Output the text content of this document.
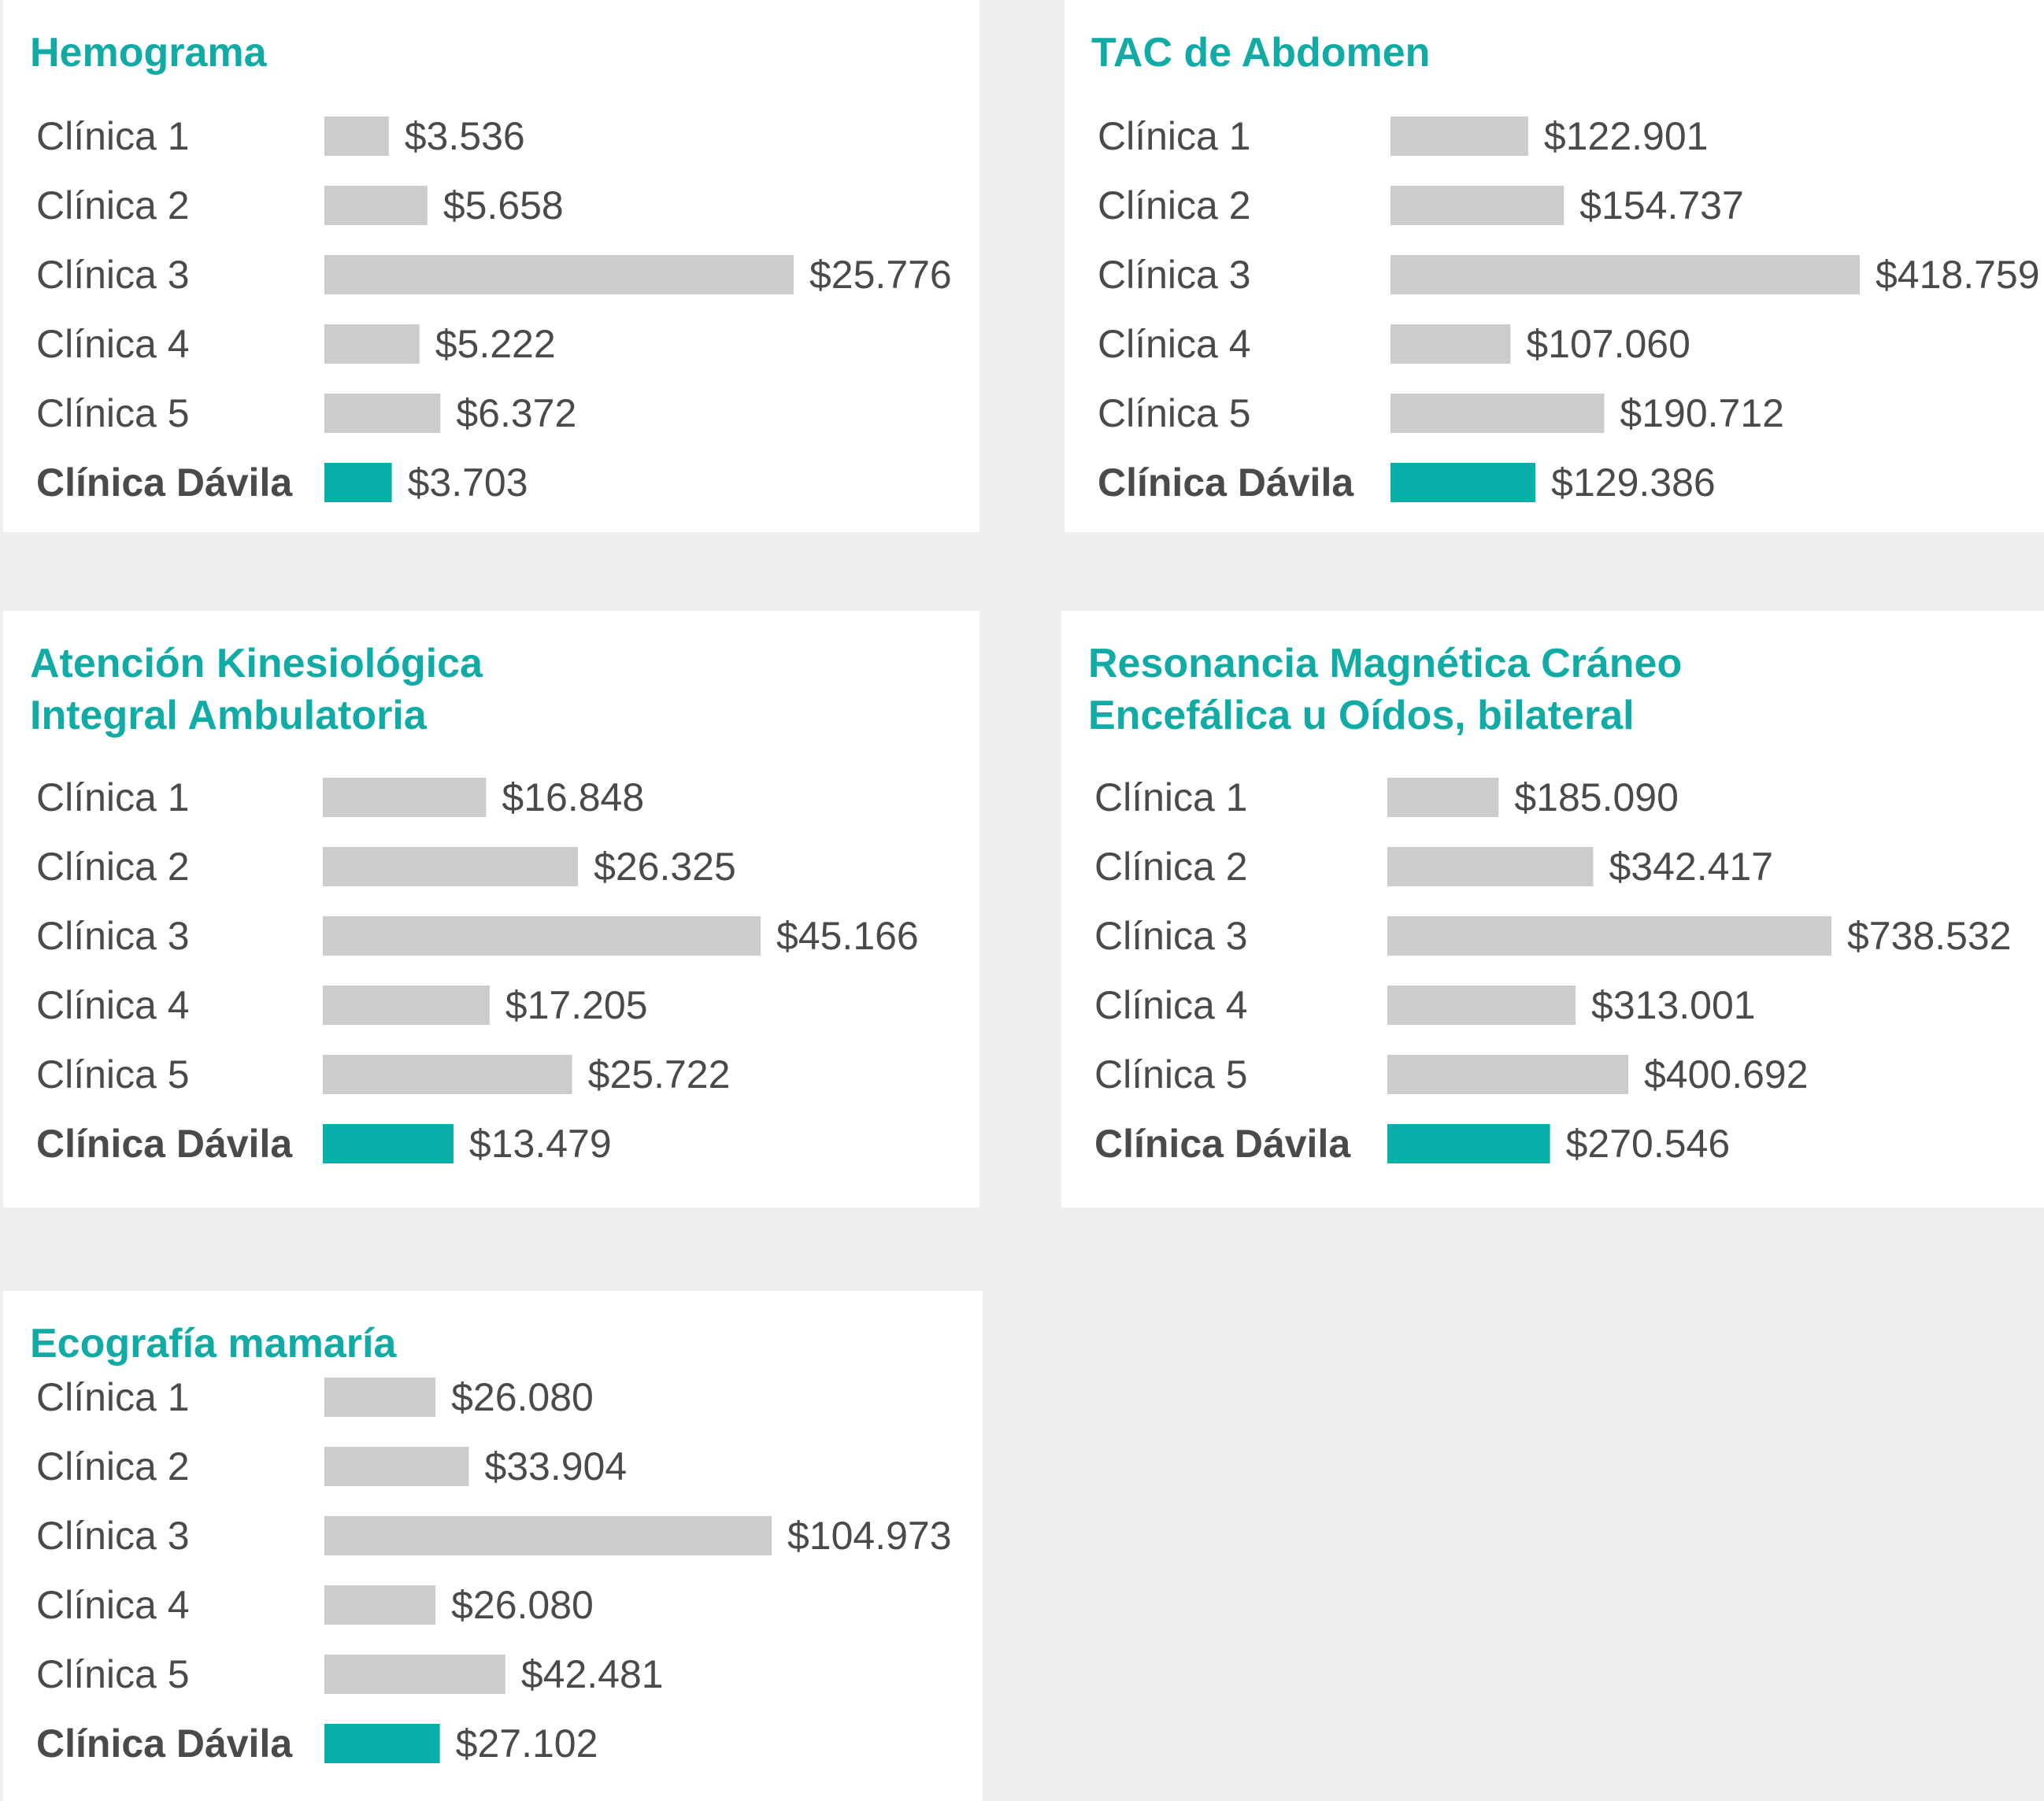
Hemograma
Clínica 1	$3.536
Clínica 2	$5.658
Clínica 3	$25.776
Clínica 4	$5.222
Clínica 5	$6.372
Clínica Dávila	$3.703
TAC de Abdomen
Clínica 1	$122.901
Clínica 2	$154.737
Clínica 3	$418.759
Clínica 4	$107.060
Clínica 5	$190.712
Clínica Dávila	$129.386
Atención Kinesiológica
Integral Ambulatoria
Clínica 1	$16.848
Clínica 2	$26.325
Clínica 3	$45.166
Clínica 4	$17.205
Clínica 5	$25.722
Clínica Dávila	$13.479
Resonancia Magnética Cráneo
Encefálica u Oídos, bilateral
Clínica 1	$185.090
Clínica 2	$342.417
Clínica 3	$738.532
Clínica 4	$313.001
Clínica 5	$400.692
Clínica Dávila	$270.546
Ecografía mamaría
Clínica 1	$26.080
Clínica 2	$33.904
Clínica 3	$104.973
Clínica 4	$26.080
Clínica 5	$42.481
Clínica Dávila	$27.102
